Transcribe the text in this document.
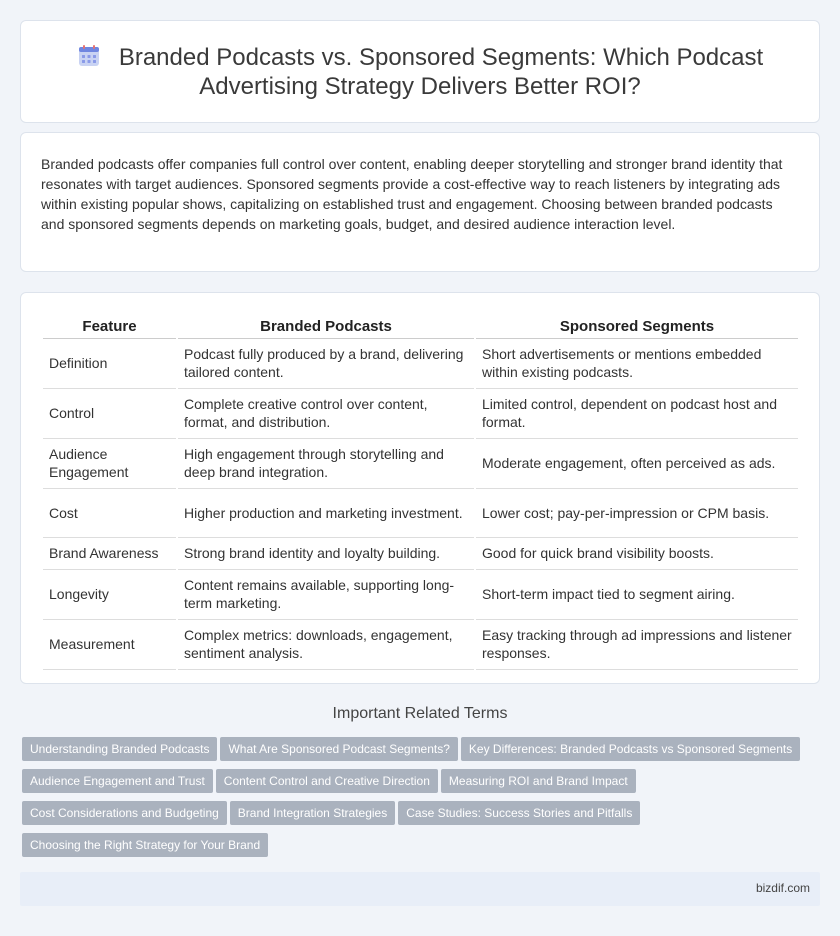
Branded Podcasts vs. Sponsored Segments: Which Podcast
Advertising Strategy Delivers Better ROI?

Branded podcasts offer companies full control over content, enabling deeper storytelling and stronger brand identity that resonates with target audiences. Sponsored segments provide a cost-effective way to reach listeners by integrating ads within existing popular shows, capitalizing on established trust and engagement. Choosing between branded podcasts and sponsored segments depends on marketing goals, budget, and desired audience interaction level.

Feature	Branded Podcasts	Sponsored Segments
Definition	Podcast fully produced by a brand, delivering tailored content.	Short advertisements or mentions embedded within existing podcasts.
Control	Complete creative control over content, format, and distribution.	Limited control, dependent on podcast host and format.
Audience Engagement	High engagement through storytelling and deep brand integration.	Moderate engagement, often perceived as ads.
Cost	Higher production and marketing investment.	Lower cost; pay-per-impression or CPM basis.
Brand Awareness	Strong brand identity and loyalty building.	Good for quick brand visibility boosts.
Longevity	Content remains available, supporting long-term marketing.	Short-term impact tied to segment airing.
Measurement	Complex metrics: downloads, engagement, sentiment analysis.	Easy tracking through ad impressions and listener responses.
Important Related Terms
Understanding Branded Podcasts What Are Sponsored Podcast Segments? Key Differences: Branded Podcasts vs Sponsored Segments
Audience Engagement and Trust Content Control and Creative Direction Measuring ROI and Brand Impact
Cost Considerations and Budgeting Brand Integration Strategies Case Studies: Success Stories and Pitfalls
Choosing the Right Strategy for Your Brand
bizdif.com
